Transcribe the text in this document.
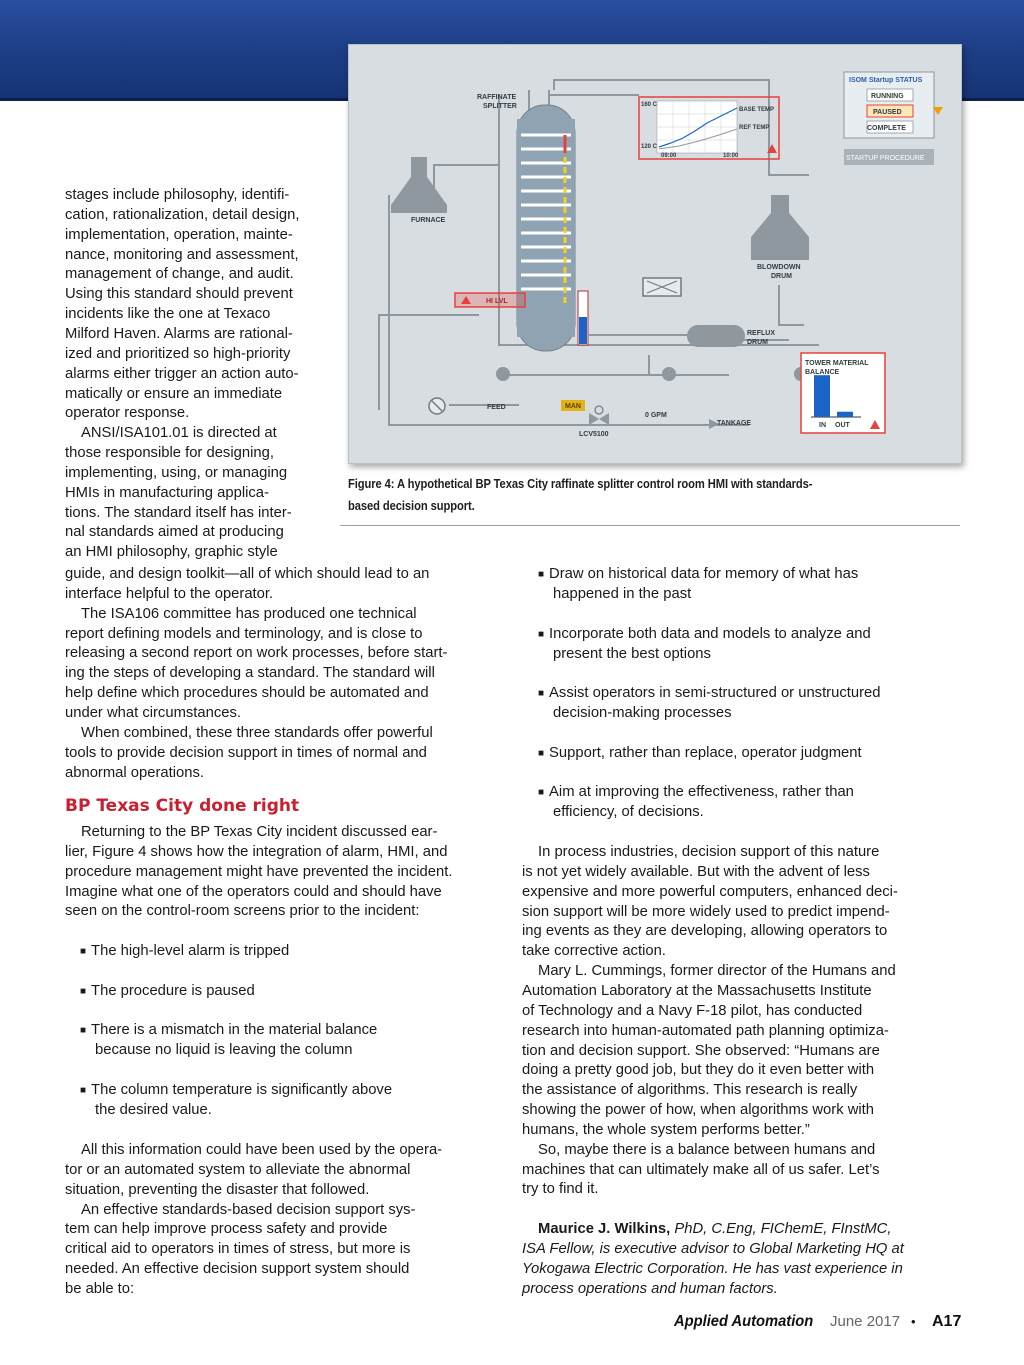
HI LVL
FURNACE
RAFFINATE
SPLITTER
BLOWDOWN
DRUM
REFLUX
DRUM
FEED	MAN
LCV5100
0 GPM
TANKAGE
160 C
120 C
09:00	10:00
BASE TEMP
REF TEMP
ISOM Startup STATUS
RUNNING
PAUSED
COMPLETE
STARTUP PROCEDURE
TOWER MATERIAL
BALANCE
IN OUT
Figure 4: A hypothetical BP Texas City raffinate splitter control room HMI with standards-
based decision support.
stages include philosophy, identifi-
cation, rationalization, detail design,
implementation, operation, mainte-
nance, monitoring and assessment,
management of change, and audit.
Using this standard should prevent
incidents like the one at Texaco
Milford Haven. Alarms are rational-
ized and prioritized so high-priority
alarms either trigger an action auto-
matically or ensure an immediate
operator response.
ANSI/ISA101.01 is directed at
those responsible for designing,
implementing, using, or managing
HMIs in manufacturing applica-
tions. The standard itself has inter-
nal standards aimed at producing
an HMI philosophy, graphic style
guide, and design toolkit—all of which should lead to an
interface helpful to the operator.
The ISA106 committee has produced one technical
report defining models and terminology, and is close to
releasing a second report on work processes, before start-
ing the steps of developing a standard. The standard will
help define which procedures should be automated and
under what circumstances.
When combined, these three standards offer powerful
tools to provide decision support in times of normal and
abnormal operations.
Returning to the BP Texas City incident discussed ear-
lier, Figure 4 shows how the integration of alarm, HMI, and
procedure management might have prevented the incident.
Imagine what one of the operators could and should have
seen on the control-room screens prior to the incident:
■ The high-level alarm is tripped
■ The procedure is paused
■ There is a mismatch in the material balance
because no liquid is leaving the column
■ The column temperature is significantly above
the desired value.
All this information could have been used by the opera-
tor or an automated system to alleviate the abnormal
situation, preventing the disaster that followed.
An effective standards-based decision support sys-
tem can help improve process safety and provide
critical aid to operators in times of stress, but more is
needed. An effective decision support system should
be able to:
■ Draw on historical data for memory of what has
happened in the past
■ Incorporate both data and models to analyze and
present the best options
■ Assist operators in semi-structured or unstructured
decision-making processes
■ Support, rather than replace, operator judgment
■ Aim at improving the effectiveness, rather than
efficiency, of decisions.
In process industries, decision support of this nature
is not yet widely available. But with the advent of less
expensive and more powerful computers, enhanced deci-
sion support will be more widely used to predict impend-
ing events as they are developing, allowing operators to
take corrective action.
Mary L. Cummings, former director of the Humans and
Automation Laboratory at the Massachusetts Institute
of Technology and a Navy F-18 pilot, has conducted
research into human-automated path planning optimiza-
tion and decision support. She observed: “Humans are
doing a pretty good job, but they do it even better with
the assistance of algorithms. This research is really
showing the power of how, when algorithms work with
humans, the whole system performs better.”
So, maybe there is a balance between humans and
machines that can ultimately make all of us safer. Let’s
try to find it.
Maurice J. Wilkins, PhD, C.Eng, FIChemE, FInstMC,
ISA Fellow, is executive advisor to Global Marketing HQ at
Yokogawa Electric Corporation. He has vast experience in
process operations and human factors.
BP Texas City done right
Applied Automation June 2017 • A17
